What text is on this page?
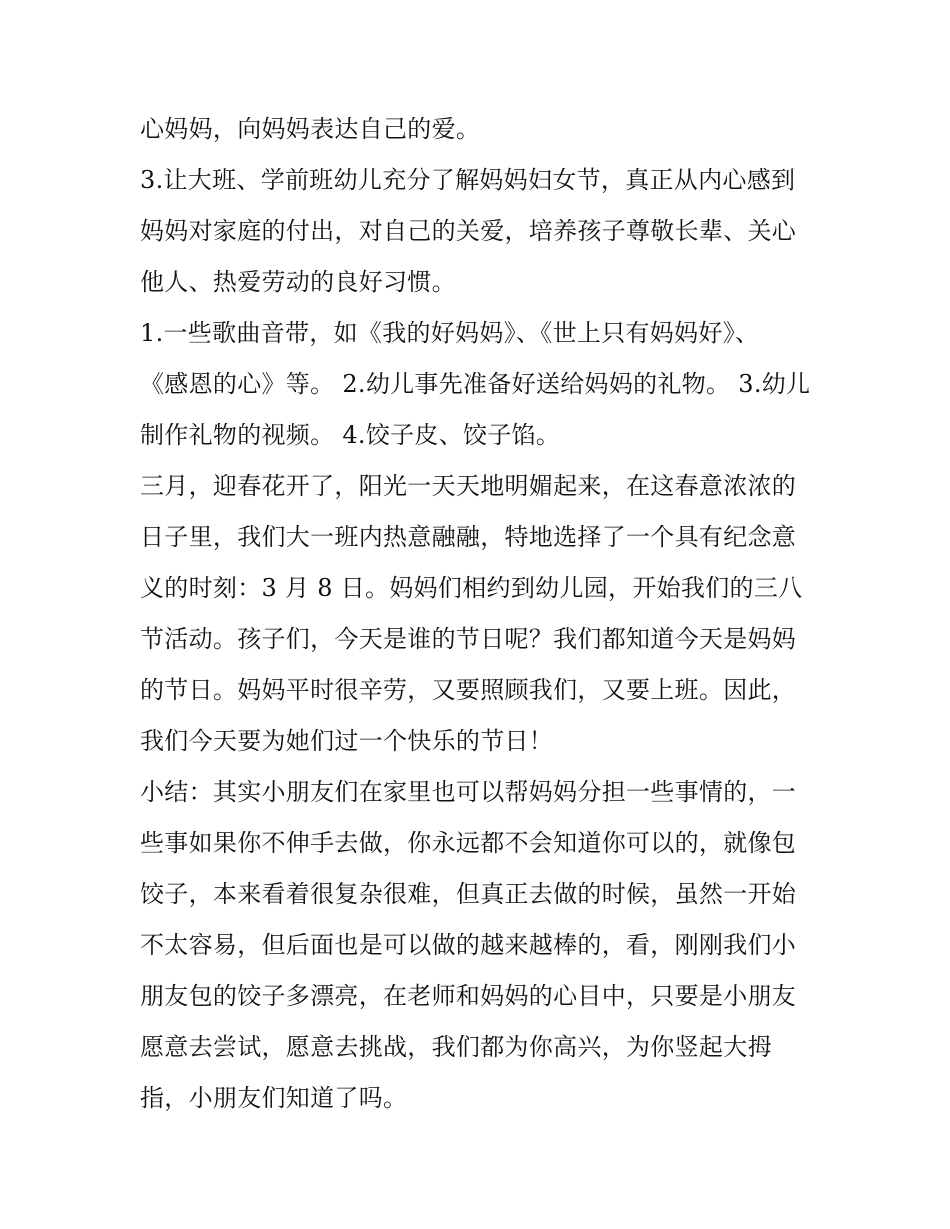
心妈妈，向妈妈表达自己的爱。
3.让大班、学前班幼儿充分了解妈妈妇女节，真正从内心感到
妈妈对家庭的付出，对自己的关爱，培养孩子尊敬长辈、关心
他人、热爱劳动的良好习惯。
1.一些歌曲音带，如《我的好妈妈》、《世上只有妈妈好》、
《感恩的心》等。 2.幼儿事先准备好送给妈妈的礼物。 3.幼儿
制作礼物的视频。 4.饺子皮、饺子馅。
三月，迎春花开了，阳光一天天地明媚起来，在这春意浓浓的
日子里，我们大一班内热意融融，特地选择了一个具有纪念意
义的时刻：3 月 8 日。妈妈们相约到幼儿园，开始我们的三八
节活动。孩子们，今天是谁的节日呢？我们都知道今天是妈妈
的节日。妈妈平时很辛劳，又要照顾我们，又要上班。因此，
我们今天要为她们过一个快乐的节日！
小结：其实小朋友们在家里也可以帮妈妈分担一些事情的，一
些事如果你不伸手去做，你永远都不会知道你可以的，就像包
饺子，本来看着很复杂很难，但真正去做的时候，虽然一开始
不太容易，但后面也是可以做的越来越棒的，看，刚刚我们小
朋友包的饺子多漂亮，在老师和妈妈的心目中，只要是小朋友
愿意去尝试，愿意去挑战，我们都为你高兴，为你竖起大拇
指，小朋友们知道了吗。
